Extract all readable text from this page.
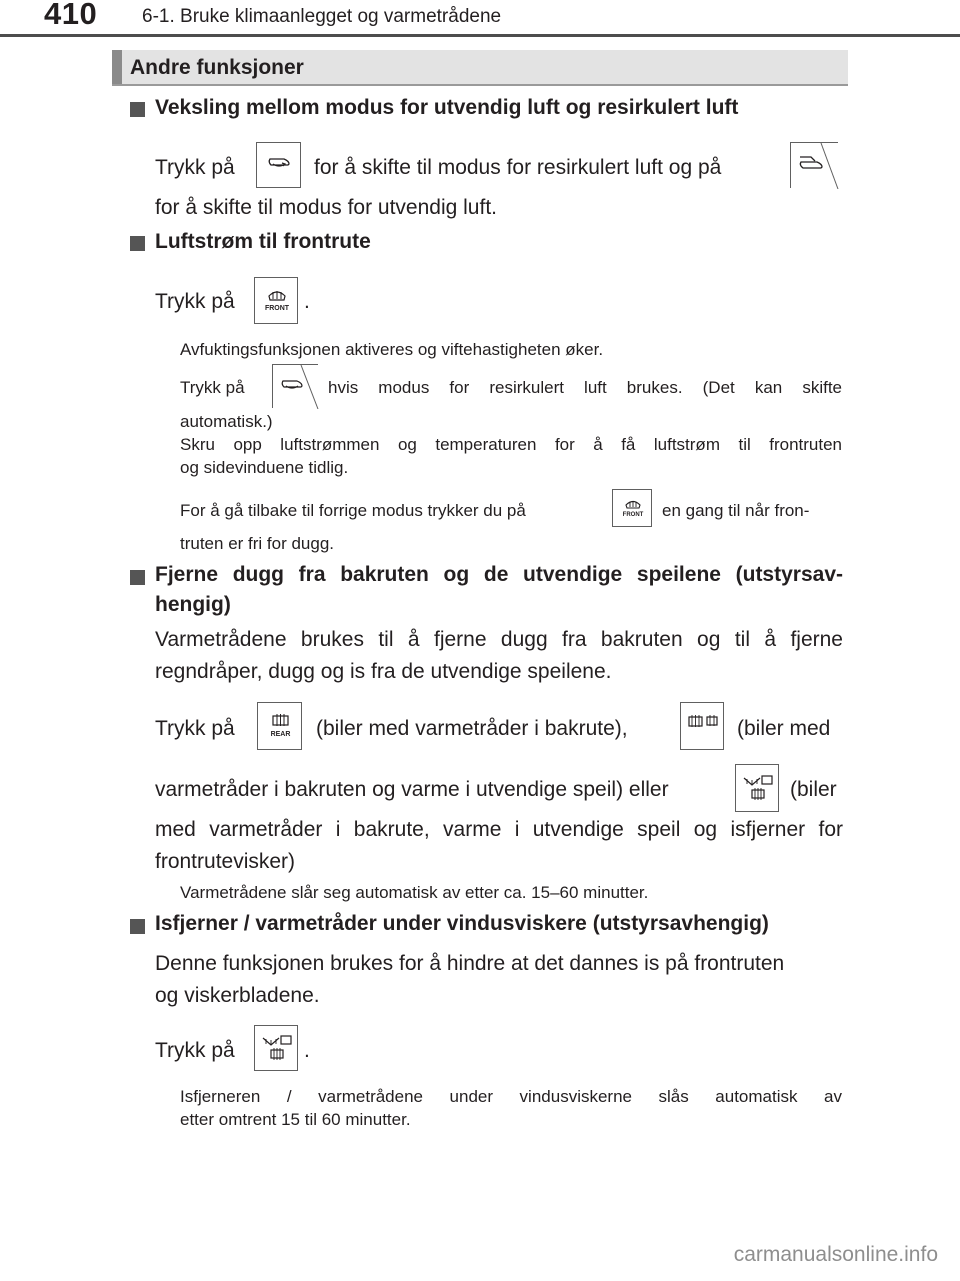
410 6-1. Bruke klimaanlegget og varmetrådene
Andre funksjoner
Veksling mellom modus for utvendig luft og resirkulert luft
Trykk på	for å skifte til modus for resirkulert luft og på
for å skifte til modus for utvendig luft.
Luftstrøm til frontrute
Trykk på	FRONT .
Avfuktingsfunksjonen aktiveres og viftehastigheten øker.
Trykk på	hvis modus for resirkulert luft brukes. (Det kan skifte
automatisk.)
Skru opp luftstrømmen og temperaturen for å få luftstrøm til frontruten
og sidevinduene tidlig.
For å gå tilbake til forrige modus trykker du på	FRONT en gang til når fron-
truten er fri for dugg.
Fjerne dugg fra bakruten og de utvendige speilene (utstyrsav-
hengig)
Varmetrådene brukes til å fjerne dugg fra bakruten og til å fjerne
regndråper, dugg og is fra de utvendige speilene.
Trykk på	REAR (biler med varmetråder i bakrute),	(biler med
varmetråder i bakruten og varme i utvendige speil) eller	(biler
med varmetråder i bakrute, varme i utvendige speil og isfjerner for
frontrutevisker)
Varmetrådene slår seg automatisk av etter ca. 15–60 minutter.
Isfjerner / varmetråder under vindusviskere (utstyrsavhengig)
Denne funksjonen brukes for å hindre at det dannes is på frontruten
og viskerbladene.
Trykk på	.
Isfjerneren / varmetrådene under vindusviskerne slås automatisk av
etter omtrent 15 til 60 minutter.
carmanualsonline.info
